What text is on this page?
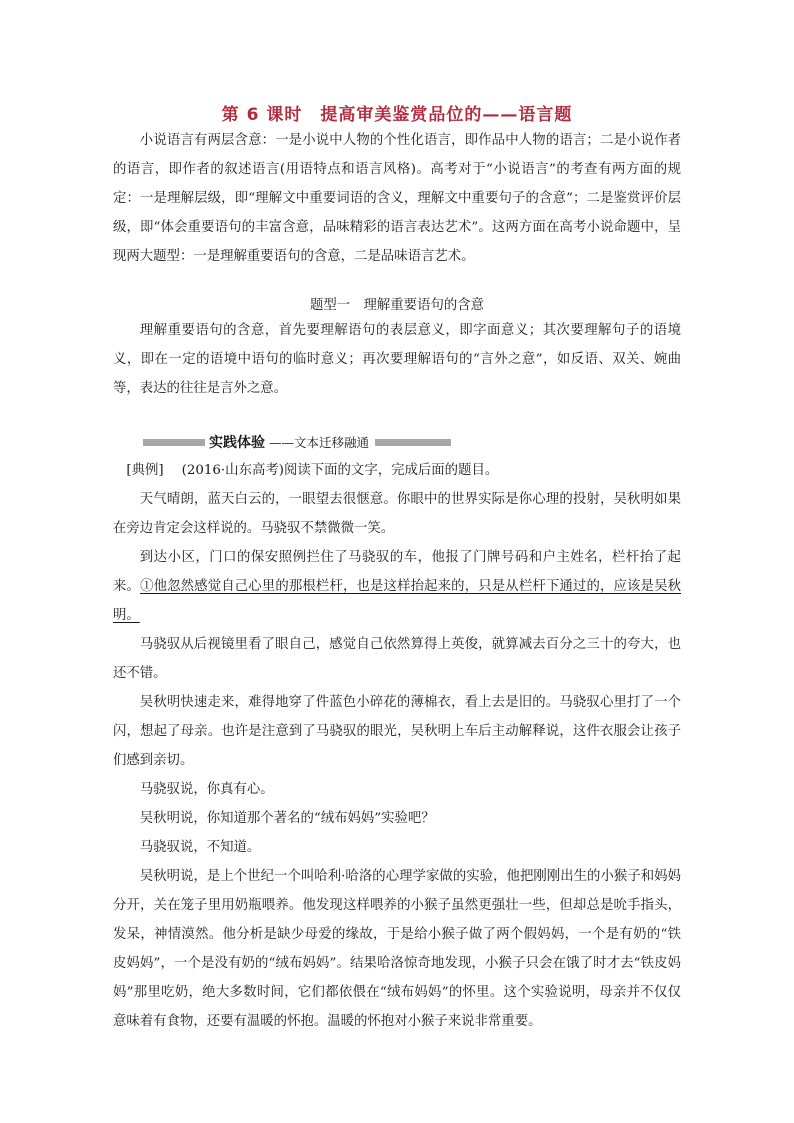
第 6 课时　提高审美鉴赏品位的——语言题

小说语言有两层含意：一是小说中人物的个性化语言，即作品中人物的语言；二是小说作者的语言，即作者的叙述语言(用语特点和语言风格)。高考对于“小说语言”的考查有两方面的规定：一是理解层级，即“理解文中重要词语的含义，理解文中重要句子的含意”；二是鉴赏评价层级，即“体会重要语句的丰富含意，品味精彩的语言表达艺术”。这两方面在高考小说命题中，呈现两大题型：一是理解重要语句的含意，二是品味语言艺术。

题型一　理解重要语句的含意

理解重要语句的含意，首先要理解语句的表层意义，即字面意义；其次要理解句子的语境义，即在一定的语境中语句的临时意义；再次要理解语句的“言外之意”，如反语、双关、婉曲等，表达的往往是言外之意。

实践体验 ——文本迁移融通

 [典例] (2016·山东高考)阅读下面的文字，完成后面的题目。

天气晴朗，蓝天白云的，一眼望去很惬意。你眼中的世界实际是你心理的投射，吴秋明如果在旁边肯定会这样说的。马骁驭不禁微微一笑。

到达小区，门口的保安照例拦住了马骁驭的车，他报了门牌号码和户主姓名，栏杆抬了起来。①他忽然感觉自己心里的那根栏杆，也是这样抬起来的，只是从栏杆下通过的，应该是吴秋明。

马骁驭从后视镜里看了眼自己，感觉自己依然算得上英俊，就算减去百分之三十的夸大，也还不错。

吴秋明快速走来，难得地穿了件蓝色小碎花的薄棉衣，看上去是旧的。马骁驭心里打了一个闪，想起了母亲。也许是注意到了马骁驭的眼光，吴秋明上车后主动解释说，这件衣服会让孩子们感到亲切。

马骁驭说，你真有心。

吴秋明说，你知道那个著名的“绒布妈妈”实验吧？

马骁驭说，不知道。

吴秋明说，是上个世纪一个叫哈利·哈洛的心理学家做的实验，他把刚刚出生的小猴子和妈妈分开，关在笼子里用奶瓶喂养。他发现这样喂养的小猴子虽然更强壮一些，但却总是吮手指头，发呆，神情漠然。他分析是缺少母爱的缘故，于是给小猴子做了两个假妈妈，一个是有奶的“铁皮妈妈”，一个是没有奶的“绒布妈妈”。结果哈洛惊奇地发现，小猴子只会在饿了时才去“铁皮妈妈”那里吃奶，绝大多数时间，它们都依偎在“绒布妈妈”的怀里。这个实验说明，母亲并不仅仅意味着有食物，还要有温暖的怀抱。温暖的怀抱对小猴子来说非常重要。
